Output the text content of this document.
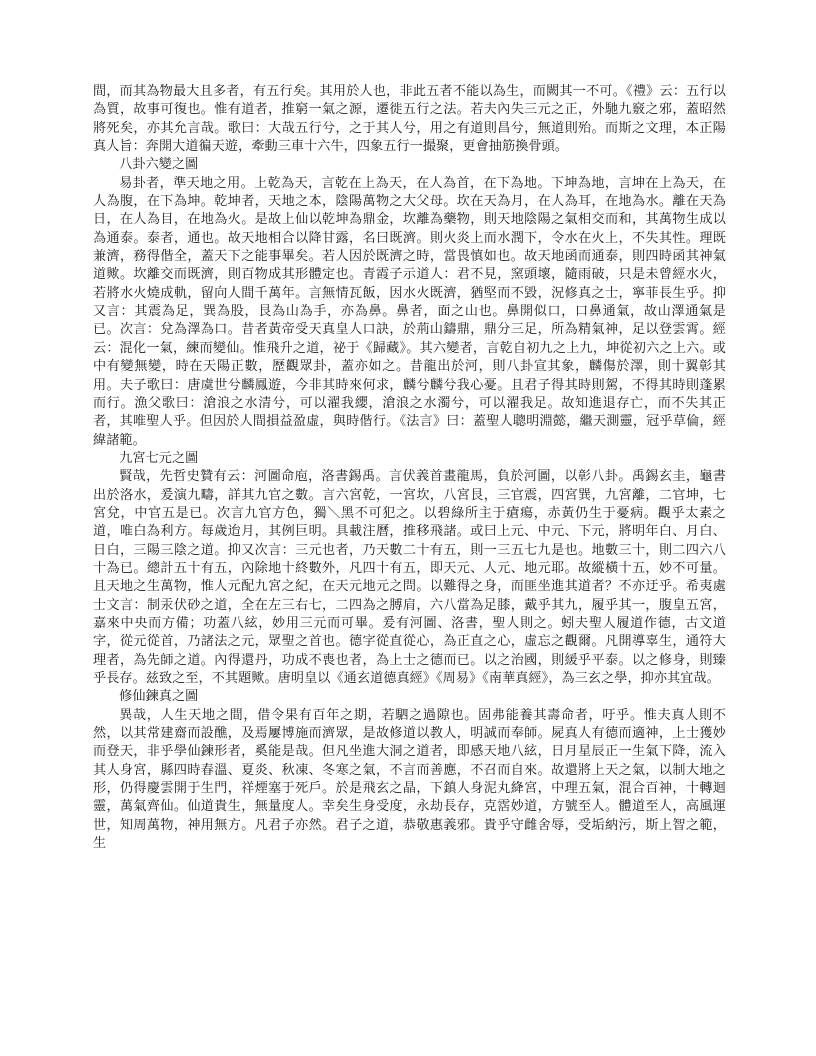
間，而其為物最大且多者，有五行矣。其用於人也，非此五者不能以為生，而闕其一不可。《禮》云：五行以為質，故事可復也。惟有道者，推窮一氣之源，遷徙五行之法。若夫內失三元之正，外馳九竅之邪，蓋昭然將死矣，亦其允言哉。歌曰：大哉五行兮，之于其人兮，用之有道則昌兮，無道則殆。而斯之文理，本正陽真人旨：奔開大道徧天遊，牽動三車十六牛，四象五行一撮聚，更會抽筋換骨頭。

八卦六變之圖

易卦者，準天地之用。上乾為天，言乾在上為天，在人為首，在下為地。下坤為地，言坤在上為天，在人為腹，在下為坤。乾坤者，天地之本，陰陽萬物之大父母。坎在天為月，在人為耳，在地為水。離在天為日，在人為目，在地為火。是故上仙以乾坤為鼎金，坎離為藥物，則天地陰陽之氣相交而和，其萬物生成以為通泰。泰者，通也。故天地相合以降甘露，名曰既濟。則火炎上而水潤下，令水在火上，不失其性。理既兼濟，務得偕全，蓋天下之能事畢矣。若人因於既濟之時，當畏慎如也。故天地函而通泰，則四時函其神氣道歟。坎離交而既濟，則百物成其形體定也。青霞子示道人：君不見，窯頭壞，隨雨破，只是未曾經水火，若將水火燒成軌，留向人間千萬年。言無情瓦飯，因水火既濟，猶堅而不毀，況修真之士，寧菲長生乎。抑又言：其震為足，巽為股，艮為山為手，亦為鼻。鼻者，面之山也。鼻開似口，口鼻通氣，故山澤通氣是已。次言：兌為澤為口。昔者黃帝受天真皇人口訣，於荊山鑄鼎，鼎分三足，所為精氣神，足以登雲霄。經云：混化一氣，練而變仙。惟飛升之道，祕于《歸藏》。其六變者，言乾自初九之上九，坤從初六之上六。或中有變無變，時在天陽正數，歷觀眾卦，蓋亦如之。昔龍出於河，則八卦宣其象，麟傷於澤，則十翼彰其用。夫子歌曰：唐虞世兮麟鳳遊，今非其時來何求，麟兮麟兮我心憂。且君子得其時則駕，不得其時則蓬累而行。漁父歌曰：滄浪之水清兮，可以濯我纓，滄浪之水濁兮，可以濯我足。故知進退存亡，而不失其正者，其唯聖人乎。但因於人間損益盈虛，與時偕行。《法言》曰：蓋聖人聰明淵懿，繼天測靈，冠乎草倫，經緯諸範。

九宮七元之圖

賢哉，先哲史贊有云：河圖命庖，洛書錫禹。言伏義首畫龍馬，負於河圖，以彰八卦。禹錫玄圭，龜書出於洛水，爰演九疇，詳其九官之數。言六宮乾，一宮坎，八宮艮，三官震，四宮巽，九宮離，二官坤，七宮兌，中官五是已。次言九官方色，獨＼黑不可犯之。以碧綠所主于瘡瘍，赤黃仍生于憂病。觀乎太素之道，唯白為利方。每歲迨月，其例巨明。具載注曆，推移飛諸。或曰上元、中元、下元，將明年白、月白、日白，三陽三陰之道。抑又次言：三元也者，乃天數二十有五，則一三五七九是也。地數三十，則二四六八十為已。總計五十有五，內除地十終數外，凡四十有五，即天元、人元、地元耶。故縱橫十五，妙不可量。且天地之生萬物，惟人元配九宮之紀，在天元地元之問。以難得之身，而匪坐進其道者？不亦迂乎。希夷處士文言：制汞伏砂之道，全在左三右七，二四為之膊肩，六八當為足膝，戴乎其九，履乎其一，腹皇五宮，嘉來中央而方備；功蓋八絃，妙用三元而可畢。爰有河圖、洛書，聖人則之。蚓夫聖人履道作德，古文道字，從元從首，乃諸法之元，眾聖之首也。德字從直從心，為正直之心，虛忘之觀爾。凡開導辜生，通符大理者，為先師之道。內得還丹，功成不喪也者，為上士之德而已。以之治國，則緩乎平泰。以之修身，則臻乎長存。兹致之至，不其題歟。唐明皇以《通玄道德真經》《周易》《南華真經》，為三玄之學，抑亦其宜哉。

修仙鍊真之圖

異哉，人生天地之間，借令果有百年之期，若駟之過隙也。固弗能養其壽命者，吁乎。惟夫真人則不然，以其常建齋而設醮，及焉屢博施而濟眾，是故修道以教人，明誠而奉師。屍真人有德而適神，上士獲妙而登天，非乎學仙鍊形者，奚能是哉。但凡坐進大洞之道者，即感天地八絃，日月星辰正一生氣下降，流入其人身宮，縣四時春溫、夏炎、秋凍、冬寒之氣，不言而善應，不召而自來。故還將上天之氣，以制大地之形，仍得慶雲開于生門，祥煙塞于死戶。於是飛玄之晶，下鎮人身泥丸絳宮，中理五氣，混合百神，十轉迴靈，萬氣齊仙。仙道貴生，無量度人。幸矣生身受度，永劫長存，克霑妙道，方號至人。體道至人，高風運世，知周萬物，神用無方。凡君子亦然。君子之道，恭敬惠義邪。貴乎守雌舍辱，受垢納污，斯上智之範，生
